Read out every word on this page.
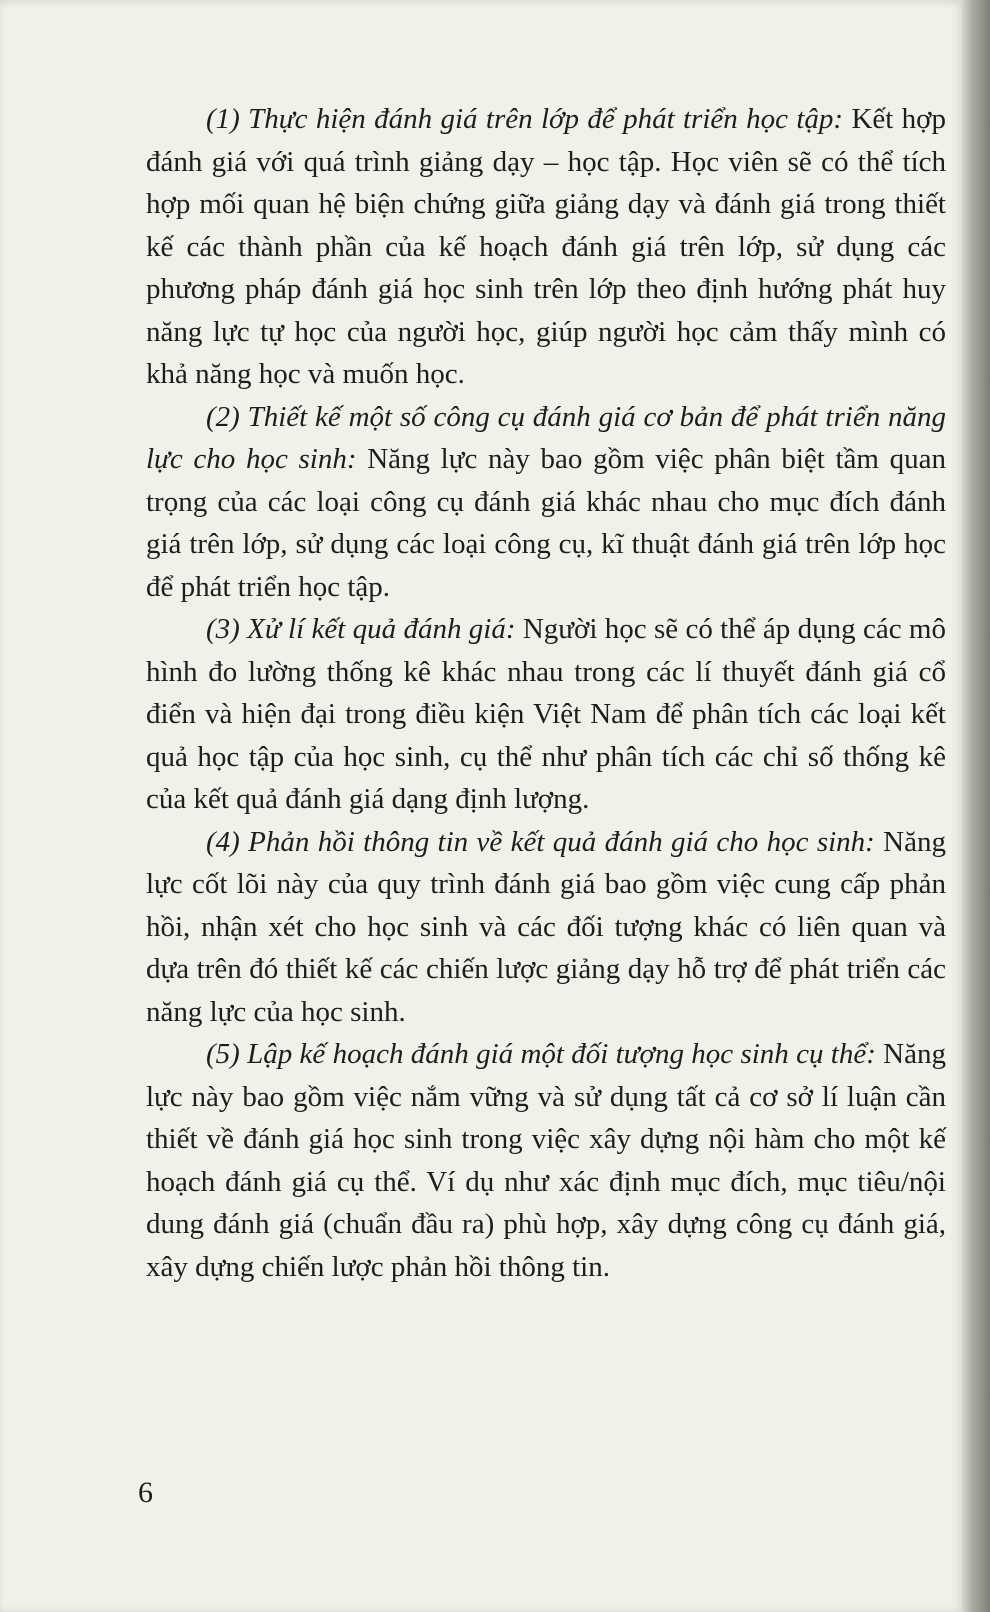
(1) Thực hiện đánh giá trên lớp để phát triển học tập: Kết hợp đánh giá với quá trình giảng dạy – học tập. Học viên sẽ có thể tích hợp mối quan hệ biện chứng giữa giảng dạy và đánh giá trong thiết kế các thành phần của kế hoạch đánh giá trên lớp, sử dụng các phương pháp đánh giá học sinh trên lớp theo định hướng phát huy năng lực tự học của người học, giúp người học cảm thấy mình có khả năng học và muốn học.

(2) Thiết kế một số công cụ đánh giá cơ bản để phát triển năng lực cho học sinh: Năng lực này bao gồm việc phân biệt tầm quan trọng của các loại công cụ đánh giá khác nhau cho mục đích đánh giá trên lớp, sử dụng các loại công cụ, kĩ thuật đánh giá trên lớp học để phát triển học tập.

(3) Xử lí kết quả đánh giá: Người học sẽ có thể áp dụng các mô hình đo lường thống kê khác nhau trong các lí thuyết đánh giá cổ điển và hiện đại trong điều kiện Việt Nam để phân tích các loại kết quả học tập của học sinh, cụ thể như phân tích các chỉ số thống kê của kết quả đánh giá dạng định lượng.

(4) Phản hồi thông tin về kết quả đánh giá cho học sinh: Năng lực cốt lõi này của quy trình đánh giá bao gồm việc cung cấp phản hồi, nhận xét cho học sinh và các đối tượng khác có liên quan và dựa trên đó thiết kế các chiến lược giảng dạy hỗ trợ để phát triển các năng lực của học sinh.

(5) Lập kế hoạch đánh giá một đối tượng học sinh cụ thể: Năng lực này bao gồm việc nắm vững và sử dụng tất cả cơ sở lí luận cần thiết về đánh giá học sinh trong việc xây dựng nội hàm cho một kế hoạch đánh giá cụ thể. Ví dụ như xác định mục đích, mục tiêu/nội dung đánh giá (chuẩn đầu ra) phù hợp, xây dựng công cụ đánh giá, xây dựng chiến lược phản hồi thông tin.

6
